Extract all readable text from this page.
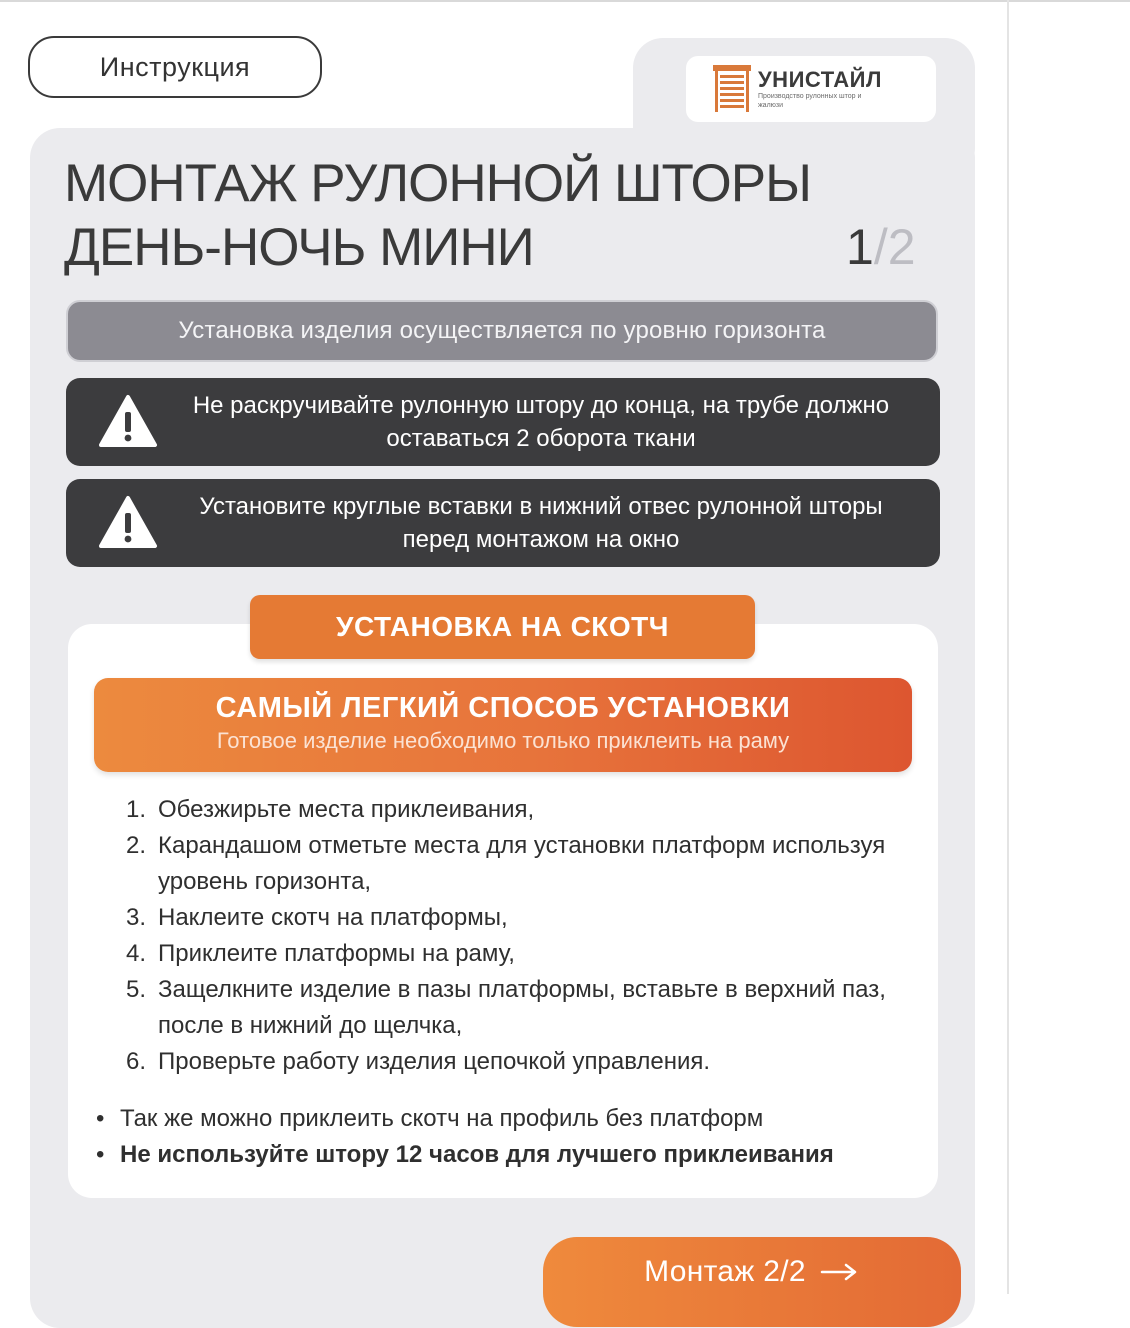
УНИСТАЙЛ
Производство рулонных штор и жалюзи
Инструкция
МОНТАЖ РУЛОННОЙ ШТОРЫ
ДЕНЬ-НОЧЬ МИНИ	1/2
Установка изделия осуществляется по уровню горизонта
Не раскручивайте рулонную штору до конца, на трубе должно оставаться 2 оборота ткани
Установите круглые вставки в нижний отвес рулонной шторы перед монтажом на окно
УСТАНОВКА НА СКОТЧ
САМЫЙ ЛЕГКИЙ СПОСОБ УСТАНОВКИ
Готовое изделие необходимо только приклеить на раму
1. Обезжирьте места приклеивания,
2. Карандашом отметьте места для установки платформ используя уровень горизонта,
3. Наклеите скотч на платформы,
4. Приклеите платформы на раму,
5. Защелкните изделие в пазы платформы, вставьте в верхний паз, после в нижний до щелчка,
6. Проверьте работу изделия цепочкой управления.
• Так же можно приклеить скотч на профиль без платформ
• Не используйте штору 12 часов для лучшего приклеивания
Монтаж 2/2
